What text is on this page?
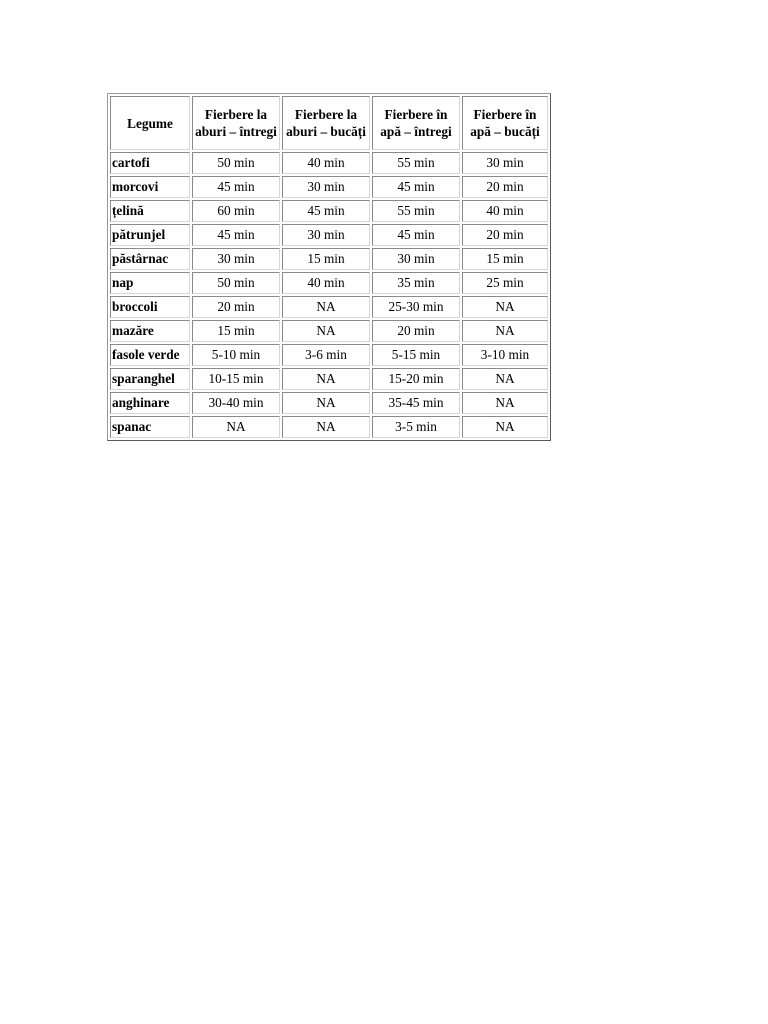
Legume	Fierbere la aburi – întregi	Fierbere la aburi – bucăți	Fierbere în apă – întregi	Fierbere în apă – bucăți
cartofi	50 min	40 min	55 min	30 min
morcovi	45 min	30 min	45 min	20 min
țelină	60 min	45 min	55 min	40 min
pătrunjel	45 min	30 min	45 min	20 min
păstârnac	30 min	15 min	30 min	15 min
nap	50 min	40 min	35 min	25 min
broccoli	20 min	NA	25-30 min	NA
mazăre	15 min	NA	20 min	NA
fasole verde	5-10 min	3-6 min	5-15 min	3-10 min
sparanghel	10-15 min	NA	15-20 min	NA
anghinare	30-40 min	NA	35-45 min	NA
spanac	NA	NA	3-5 min	NA
